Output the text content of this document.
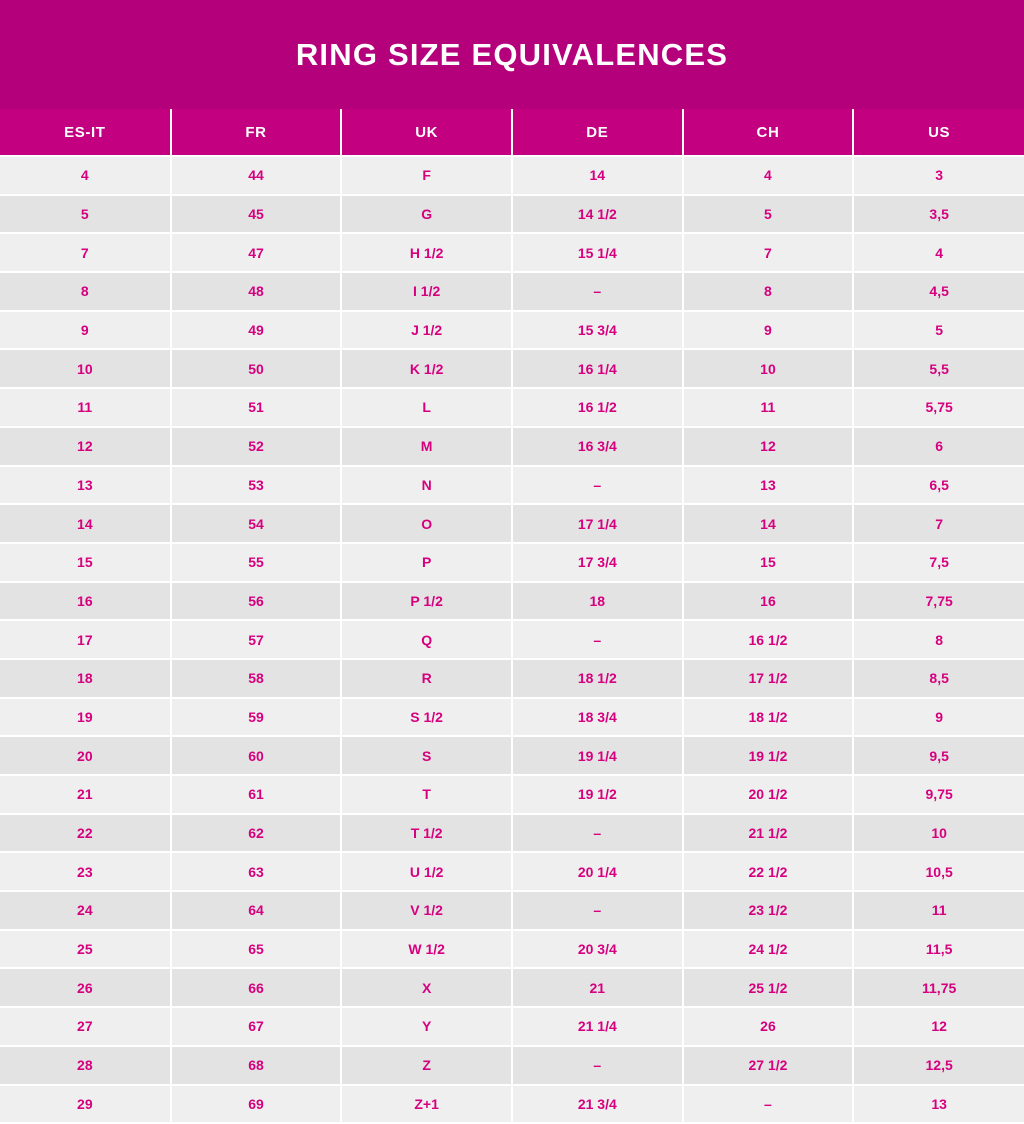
RING SIZE EQUIVALENCES
ES-IT	FR	UK	DE	CH	US
4	44	F	14	4	3
5	45	G	14 1/2	5	3,5
7	47	H 1/2	15 1/4	7	4
8	48	I 1/2	–	8	4,5
9	49	J 1/2	15 3/4	9	5
10	50	K 1/2	16 1/4	10	5,5
11	51	L	16 1/2	11	5,75
12	52	M	16 3/4	12	6
13	53	N	–	13	6,5
14	54	O	17 1/4	14	7
15	55	P	17 3/4	15	7,5
16	56	P 1/2	18	16	7,75
17	57	Q	–	16 1/2	8
18	58	R	18 1/2	17 1/2	8,5
19	59	S 1/2	18 3/4	18 1/2	9
20	60	S	19 1/4	19 1/2	9,5
21	61	T	19 1/2	20 1/2	9,75
22	62	T 1/2	–	21 1/2	10
23	63	U 1/2	20 1/4	22 1/2	10,5
24	64	V 1/2	–	23 1/2	11
25	65	W 1/2	20 3/4	24 1/2	11,5
26	66	X	21	25 1/2	11,75
27	67	Y	21 1/4	26	12
28	68	Z	–	27 1/2	12,5
29	69	Z+1	21 3/4	–	13
